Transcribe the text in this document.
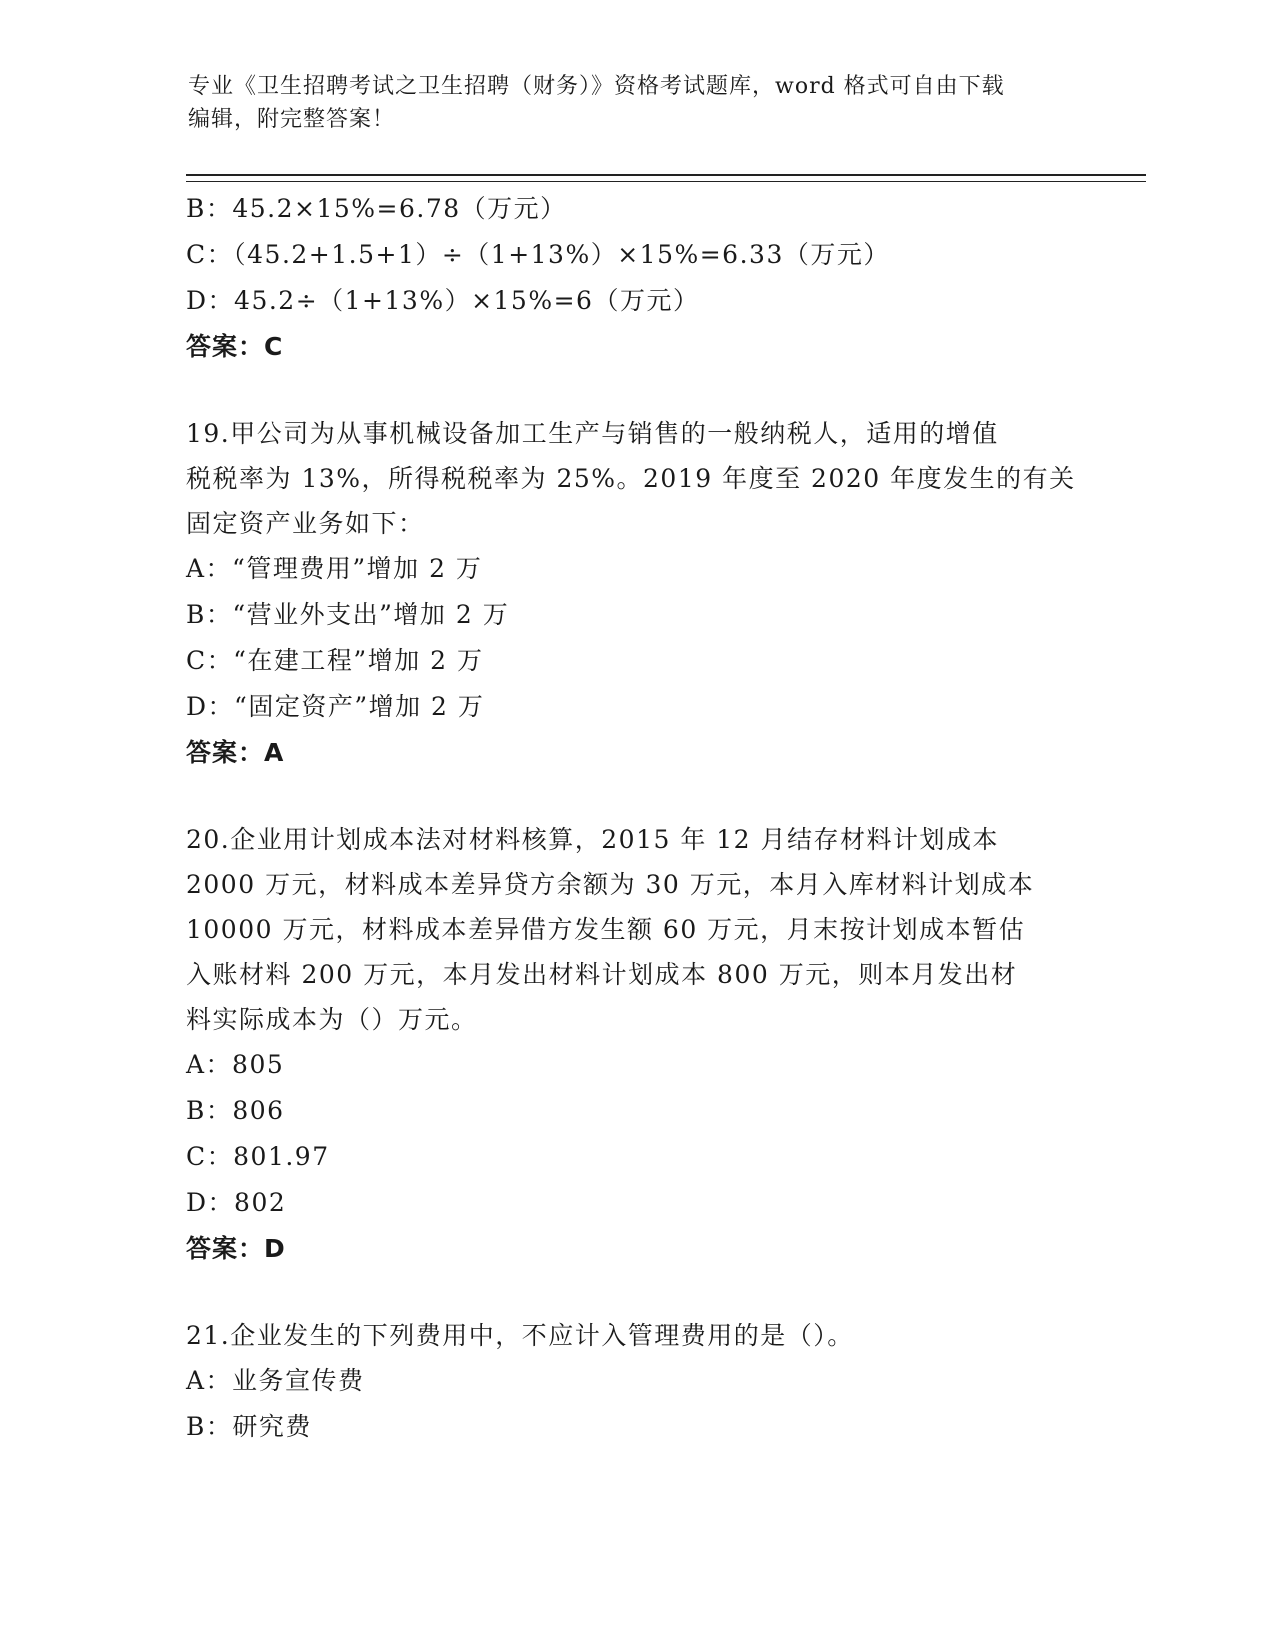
专业《卫生招聘考试之卫生招聘（财务）》资格考试题库，word 格式可自由下载
编辑，附完整答案！
B：45.2×15%=6.78（万元）
C：（45.2+1.5+1）÷（1+13%）×15%=6.33（万元）
D：45.2÷（1+13%）×15%=6（万元）
答案：C
19.甲公司为从事机械设备加工生产与销售的一般纳税人，适用的增值
税税率为 13%，所得税税率为 25%。2019 年度至 2020 年度发生的有关
固定资产业务如下：
A：“管理费用”增加 2 万
B：“营业外支出”增加 2 万
C：“在建工程”增加 2 万
D：“固定资产”增加 2 万
答案：A
20.企业用计划成本法对材料核算，2015 年 12 月结存材料计划成本
2000 万元，材料成本差异贷方余额为 30 万元，本月入库材料计划成本
10000 万元，材料成本差异借方发生额 60 万元，月末按计划成本暂估
入账材料 200 万元，本月发出材料计划成本 800 万元，则本月发出材
料实际成本为（）万元。
A：805
B：806
C：801.97
D：802
答案：D
21.企业发生的下列费用中，不应计入管理费用的是（）。
A：业务宣传费
B：研究费
